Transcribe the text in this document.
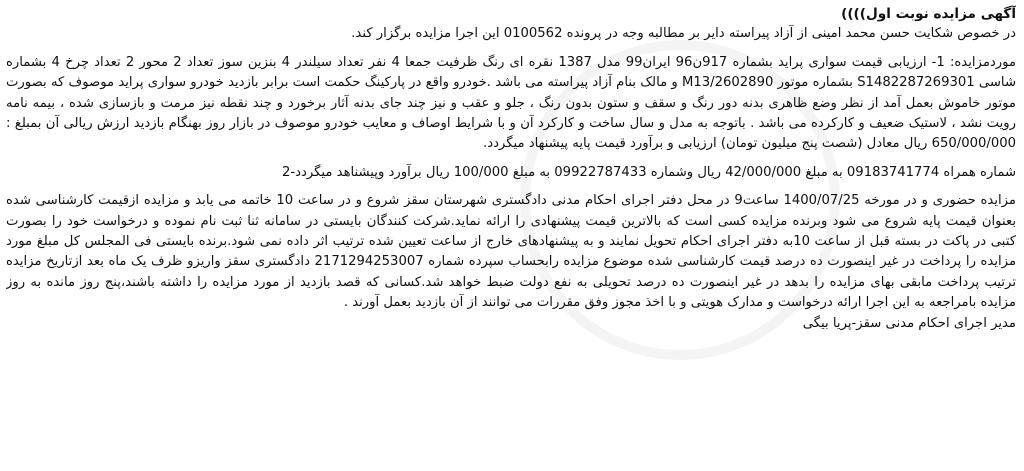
آگهی مزایده نوبت اول))))

در خصوص شکایت حسن محمد امینی از آزاد پیراسته دایر بر مطالبه وجه در پرونده 0100562 این اجرا مزایده برگزار کند.

موردمزایده: 1- ارزیابی قیمت سواری پراید بشماره 917ن96 ایران99 مدل 1387 نقره ای رنگ ظرفیت جمعا 4 نفر تعداد سیلندر 4 بنزین سوز تعداد 2 محور 2 تعداد چرخ 4 بشماره شاسی S1482287269301 بشماره موتور M13/2602890 و مالک بنام آزاد پیراسته می باشد .خودرو واقع در پارکینگ حکمت است برابر بازدید خودرو سواری پراید موصوف که بصورت موتور خاموش بعمل آمد از نظر وضع ظاهری بدنه دور رنگ و سقف و ستون بدون رنگ ، جلو و عقب و نیز چند جای بدنه آثار برخورد و چند نقطه نیز مرمت و بازسازی شده ، بیمه نامه رویت نشد ، لاستیک ضعیف و کارکرده می باشد . باتوجه به مدل و سال ساخت و کارکرد آن و با شرایط اوصاف و معایب خودرو موصوف در بازار روز بهنگام بازدید ارزش ریالی آن بمبلغ : 650/000/000 ریال معادل (شصت پنج میلیون تومان) ارزیابی و برآورد قیمت پایه پیشنهاد میگردد.

شماره همراه 09183741774 به مبلغ 42/000/000 ریال وشماره 09922787433 به مبلغ 100/000 ریال برآورد وپیشناهد میگردد-2

مزایده حضوری و در مورخه 1400/07/25 ساعت9 در محل دفتر اجرای احکام مدنی دادگستری شهرستان سقز شروع و در ساعت 10 خاتمه می یابد و مزایده ازقیمت کارشناسی شده بعنوان قیمت پایه شروع می شود وبرنده مزایده کسی است که بالاترین قیمت پیشنهادی را ارائه نماید.شرکت کنندگان بایستی در سامانه ثنا ثبت نام نموده و درخواست خود را بصورت کتبی در پاکت در بسته قبل از ساعت 10به دفتر اجرای احکام تحویل نمایند و به پیشنهادهای خارج از ساعت تعیین شده ترتیب اثر داده نمی شود.برنده بایستی فی المجلس کل مبلغ مورد مزایده را پرداخت در غیر اینصورت ده درصد قیمت کارشناسی شده موضوع مزایده رابحساب سپرده شماره 2171294253007 دادگستری سقز واریزو ظرف یک ماه بعد ازتاریخ مزایده ترتیب پرداخت مابقی بهای مزایده را بدهد در غیر اینصورت ده درصد تحویلی به نفع دولت ضبط خواهد شد.کسانی که قصد بازدید از مورد مزایده را داشته باشند،پنج روز مانده به روز مزایده بامراجعه به این اجرا ارائه درخواست و مدارک هویتی و با اخذ مجوز وفق مقررات می توانند از آن بازدید بعمل آورند .

مدیر اجرای احکام مدنی سقز-پریا بیگی
